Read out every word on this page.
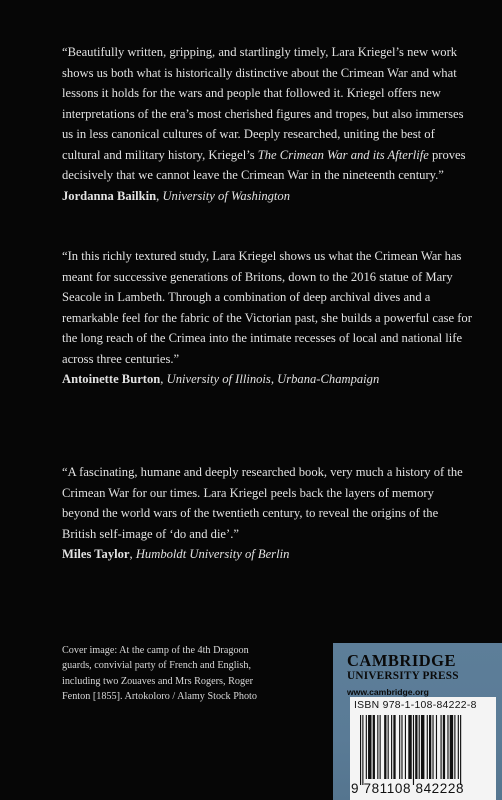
“Beautifully written, gripping, and startlingly timely, Lara Kriegel’s new work shows us both what is historically distinctive about the Crimean War and what lessons it holds for the wars and people that followed it. Kriegel offers new interpretations of the era’s most cherished figures and tropes, but also immerses us in less canonical cultures of war. Deeply researched, uniting the best of cultural and military history, Kriegel’s The Crimean War and its Afterlife proves decisively that we cannot leave the Crimean War in the nineteenth century.”

Jordanna Bailkin, University of Washington

“In this richly textured study, Lara Kriegel shows us what the Crimean War has meant for successive generations of Britons, down to the 2016 statue of Mary Seacole in Lambeth. Through a combination of deep archival dives and a remarkable feel for the fabric of the Victorian past, she builds a powerful case for the long reach of the Crimea into the intimate recesses of local and national life across three centuries.”

Antoinette Burton, University of Illinois, Urbana-Champaign

“A fascinating, humane and deeply researched book, very much a history of the Crimean War for our times. Lara Kriegel peels back the layers of memory beyond the world wars of the twentieth century, to reveal the origins of the British self-image of ‘do and die’.”

Miles Taylor, Humboldt University of Berlin

Cover image: At the camp of the 4th Dragoon guards, convivial party of French and English, including two Zouaves and Mrs Rogers, Roger Fenton [1855]. Artokoloro / Alamy Stock Photo

CAMBRIDGE

UNIVERSITY PRESS

www.cambridge.org

ISBN 978-1-108-84222-8

9 781108 842228
